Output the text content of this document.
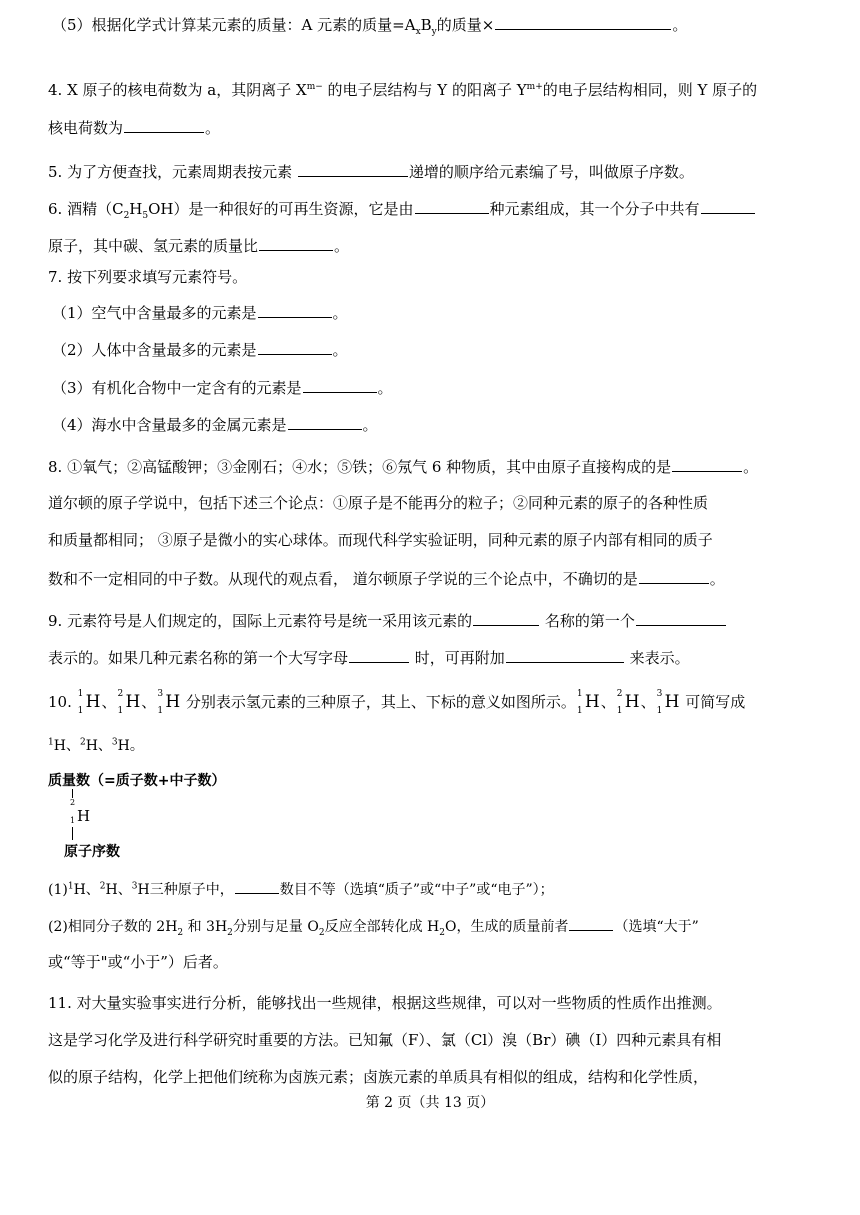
（5）根据化学式计算某元素的质量：A 元素的质量$=A_xB_y$的质量×	。
4. X 原子的核电荷数为 a，其阴离子 $X^{m-}$ 的电子层结构与 Y 的阳离子 $Y^{m+}$的电子层结构相同，则 Y 原子的
核电荷数为	。
5. 为了方便查找，元素周期表按元素	递增的顺序给元素编了号，叫做原子序数。
6. 酒精$(C_2H_5OH)$是一种很好的可再生资源，它是由	种元素组成，其一个分子中共有
原子，其中碳、氢元素的质量比	。
7. 按下列要求填写元素符号。
（1）空气中含量最多的元素是	。
（2）人体中含量最多的元素是	。
（3）有机化合物中一定含有的元素是	。
（4）海水中含量最多的金属元素是	。
8. ①氧气；②高锰酸钾；③金刚石；④水；⑤铁；⑥氖气 6 种物质，其中由原子直接构成的是	。
道尔顿的原子学说中，包括下述三个论点：①原子是不能再分的粒子；②同种元素的原子的各种性质
和质量都相同； ③原子是微小的实心球体。而现代科学实验证明，同种元素的原子内部有相同的质子
数和不一定相同的中子数。从现代的观点看， 道尔顿原子学说的三个论点中，不确切的是	。
9. 元素符号是人们规定的，国际上元素符号是统一采用该元素的	名称的第一个
表示的。如果几种元素名称的第一个大写字母	时，可再附加	来表示。
10. 1
1 H、 2
1 H、 3
1 H 分别表示氢元素的三种原子，其上、下标的意义如图所示。 1
1 H、 2
1 H、 3
1 H 可简写成
$^1$H、$^2$H、$^3$H。
质量数（=质子数+中子数）
2
H
1
原子序数
$(1)^1H$、$^2$H、$^3$H三种原子中，	数目不等（选填“质子”或“中子”或“电子”）；
(2)相同分子数的 $2H_2$ 和 $3H_2$分别与足量 $O_2$反应全部转化成 $H_2O$，生成的质量前者	（选填“大于”
或“等于"或“小于”）后者。
11. 对大量实验事实进行分析，能够找出一些规律，根据这些规律，可以对一些物质的性质作出推测。
这是学习化学及进行科学研究时重要的方法。已知氟（F）、氯（Cl）溴（Br）碘（I）四种元素具有相
似的原子结构，化学上把他们统称为卤族元素；卤族元素的单质具有相似的组成，结构和化学性质，
第 2 页（共 13 页）
